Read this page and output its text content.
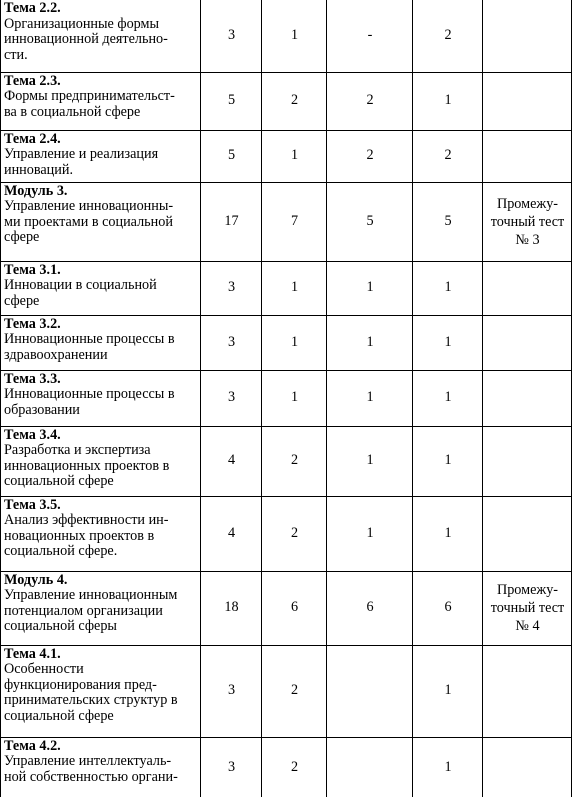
Тема 2.2.
Организационные формы
инновационной деятельно-
сти.	3	1	-	2	

Тема 2.3.
Формы предпринимательст-
ва в социальной сфере	5	2	2	1	

Тема 2.4.
Управление и реализация
инноваций.	5	1	2	2	

Модуль 3.
Управление инновационны-
ми проектами в социальной
сфере	17	7	5	5	Промежу-
точный тест
№ 3

Тема 3.1.
Инновации в социальной
сфере	3	1	1	1	

Тема 3.2.
Инновационные процессы в
здравоохранении	3	1	1	1	

Тема 3.3.
Инновационные процессы в
образовании	3	1	1	1	

Тема 3.4.
Разработка и экспертиза
инновационных проектов в
социальной сфере	4	2	1	1	

Тема 3.5.
Анализ эффективности ин-
новационных проектов в
социальной сфере.	4	2	1	1	

Модуль 4.
Управление инновационным
потенциалом организации
социальной сферы	18	6	6	6	Промежу-
точный тест
№ 4

Тема 4.1.
Особенности
функционирования пред-
принимательских структур в
социальной сфере	3	2		1	

Тема 4.2.
Управление интеллектуаль-
ной собственностью органи-	3	2		1	
